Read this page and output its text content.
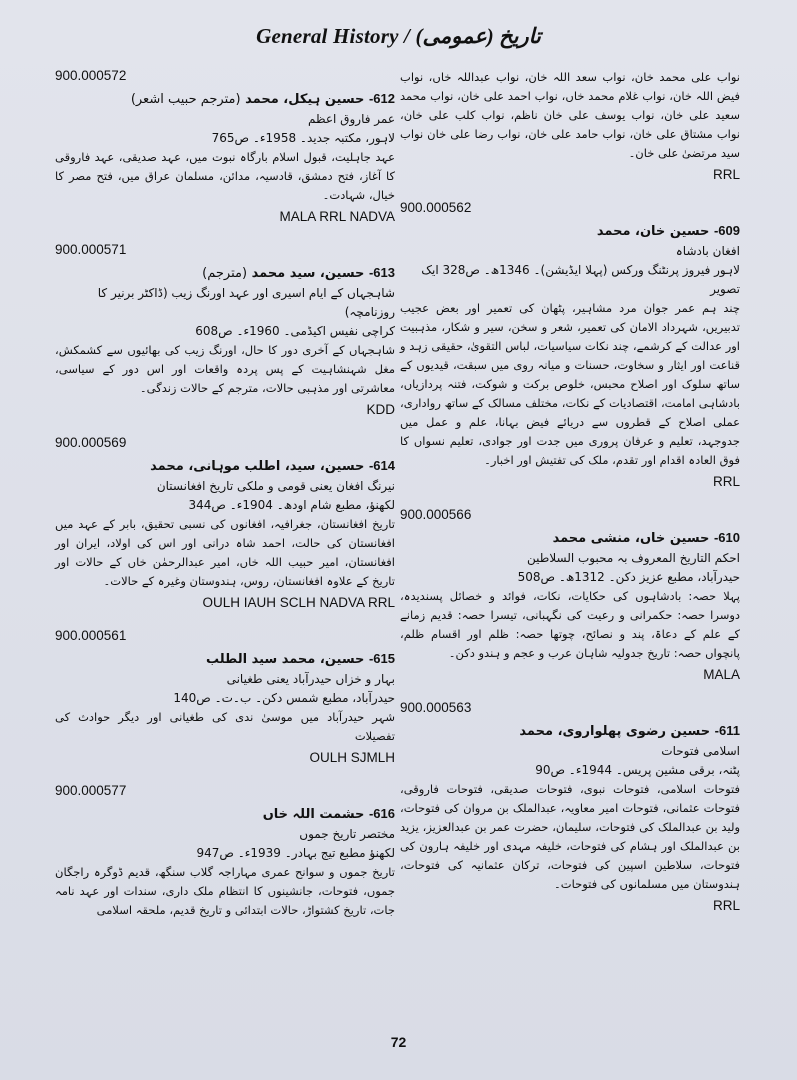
General History / تاریخ (عمومی)
900.000572
612- حسین ہیکل، محمد (مترجم حبیب اشعر)
عمر فاروق اعظم
لاہور، مکتبہ جدید۔ 1958ء۔ ص765
عہد جاہلیت، قبول اسلام بارگاہ نبوت میں، عہد صدیقی، عہد فاروقی کا آغاز، فتح دمشق، قادسیہ، مدائن، مسلمان عراق میں، فتح مصر کا خیال، شہادت۔
MALA RRL NADVA
900.000571
613- حسین، سید محمد (مترجم)
شاہجہاں کے ایام اسیری اور عہد اورنگ زیب (ڈاکٹر برنیر کا روزنامچہ)
کراچی نفیس اکیڈمی۔ 1960ء۔ ص608
شاہجہاں کے آخری دور کا حال، اورنگ زیب کی بھائیوں سے کشمکش، مغل شہنشاہیت کے پس پردہ واقعات اور اس دور کے سیاسی، معاشرتی اور مذہبی حالات، مترجم کے حالات زندگی۔
KDD
900.000569
614- حسین، سید، اطلب موہانی، محمد
نیرنگ افغان یعنی قومی و ملکی تاریخ افغانستان
لکھنؤ، مطبع شام اودھ۔ 1904ء۔ ص344
تاریخ افغانستان، جغرافیہ، افغانوں کی نسبی تحقیق، بابر کے عہد میں افغانستان کی حالت، احمد شاہ درانی اور اس کی اولاد، ایران اور افغانستان، امیر حبیب اللہ خاں، امیر عبدالرحمٰن خاں کے حالات اور تاریخ کے علاوہ افغانستان، روس، ہندوستان وغیرہ کے حالات۔
OULH IAUH SCLH NADVA RRL
900.000561
615- حسین، محمد سید الطلب
بہار و خزاں حیدرآباد یعنی طغیانی
حیدرآباد، مطبع شمس دکن۔ ب۔ت۔ ص140
شہر حیدرآباد میں موسیٰ ندی کی طغیانی اور دیگر حوادث کی تفصیلات
OULH SJMLH
900.000577
616- حشمت اللہ خاں
مختصر تاریخ جموں
لکھنؤ مطبع تیج بہادر۔ 1939ء۔ ص947
تاریخ جموں و سوانح عمری مہاراجہ گلاب سنگھ، قدیم ڈوگرہ راجگان جموں، فتوحات، جانشینوں کا انتظام ملک داری، سندات اور عہد نامہ جات، تاریخ کشتواڑ، حالات ابتدائی و تاریخ قدیم، ملحقہ اسلامی
نواب علی محمد خان، نواب سعد اللہ خان، نواب عبداللہ خاں، نواب فیض اللہ خان، نواب غلام محمد خاں، نواب احمد علی خان، نواب محمد سعید علی خان، نواب یوسف علی خان ناظم، نواب کلب علی خان، نواب مشتاق علی خان، نواب حامد علی خان، نواب رضا علی خان نواب سید مرتضیٰ علی خان۔
RRL
900.000562
609- حسین خان، محمد
افغان بادشاہ
لاہور فیروز پرنٹنگ ورکس (پہلا ایڈیشن)۔ 1346ھ۔ ص328 ایک تصویر
چند ہم عمر جوان مرد مشاہیر، پٹھان کی تعمیر اور بعض عجیب تدبیریں، شہرداد الامان کی تعمیر، شعر و سخن، سیر و شکار، مذہبیت اور عدالت کے کرشمے، چند نکات سیاسیات، لباس التقویٰ، حقیقی زہد و قناعت اور ایثار و سخاوت، حسنات و میانہ روی میں سبقت، قیدیوں کے ساتھ سلوک اور اصلاح محبس، خلوص برکت و شوکت، فتنہ پردازیاں، بادشاہی امامت، اقتصادیات کے نکات، مختلف مسالک کے ساتھ رواداری، عملی اصلاح کے قطروں سے دریائے فیض بہانا، علم و عمل میں جدوجہد، تعلیم و عرفان پروری میں جدت اور جوادی، تعلیم نسواں کا فوق العادہ اقدام اور تقدم، ملک کی تفتیش اور اخبار۔
RRL
900.000566
610- حسین خاں، منشی محمد
احکم التاریخ المعروف بہ محبوب السلاطین
حیدرآباد، مطبع عزیز دکن۔ 1312ھ۔ ص508
پہلا حصہ: بادشاہوں کی حکایات، نکات، فوائد و خصائل پسندیدہ، دوسرا حصہ: حکمرانی و رعیت کی نگہبانی، تیسرا حصہ: قدیم زمانے کے علم کے دعاۃ، پند و نصائح، چوتھا حصہ: ظلم اور اقسام ظلم، پانچواں حصہ: تاریخ جدولیہ شاہان عرب و عجم و ہندو دکن۔
MALA
900.000563
611- حسین رضوی پھلواروی، محمد
اسلامی فتوحات
پٹنہ، برقی مشین پریس۔ 1944ء۔ ص90
فتوحات اسلامی، فتوحات نبوی، فتوحات صدیقی، فتوحات فاروقی، فتوحات عثمانی، فتوحات امیر معاویہ، عبدالملک بن مروان کی فتوحات، ولید بن عبدالملک کی فتوحات، سلیمان، حضرت عمر بن عبدالعزیز، یزید بن عبدالملک اور ہشام کی فتوحات، خلیفہ مہدی اور خلیفہ ہارون کی فتوحات، سلاطین اسپین کی فتوحات، ترکان عثمانیہ کی فتوحات، ہندوستان میں مسلمانوں کی فتوحات۔
RRL
72
